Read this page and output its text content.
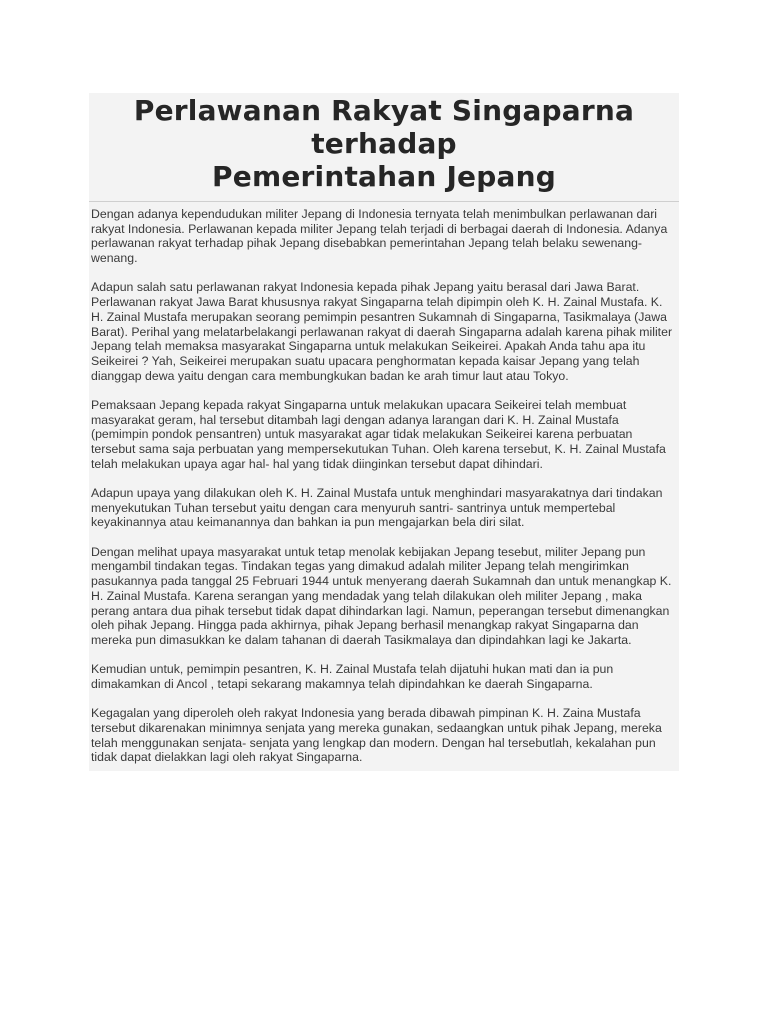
Perlawanan Rakyat Singaparna terhadap
Pemerintahan Jepang

Dengan adanya kependudukan militer Jepang di Indonesia ternyata telah menimbulkan perlawanan dari rakyat Indonesia. Perlawanan kepada militer Jepang telah terjadi di berbagai daerah di Indonesia. Adanya perlawanan rakyat terhadap pihak Jepang disebabkan pemerintahan Jepang telah belaku sewenang- wenang.

Adapun salah satu perlawanan rakyat Indonesia kepada pihak Jepang yaitu berasal dari Jawa Barat. Perlawanan rakyat Jawa Barat khususnya rakyat Singaparna telah dipimpin oleh K. H. Zainal Mustafa. K. H. Zainal Mustafa merupakan seorang pemimpin pesantren Sukamnah di Singaparna, Tasikmalaya (Jawa Barat). Perihal yang melatarbelakangi perlawanan rakyat di daerah Singaparna adalah karena pihak militer Jepang telah memaksa masyarakat Singaparna untuk melakukan Seikeirei. Apakah Anda tahu apa itu Seikeirei ? Yah, Seikeirei merupakan suatu upacara penghormatan kepada kaisar Jepang yang telah dianggap dewa yaitu dengan cara membungkukan badan ke arah timur laut atau Tokyo.

Pemaksaan Jepang kepada rakyat Singaparna untuk melakukan upacara Seikeirei telah membuat masyarakat geram, hal tersebut ditambah lagi dengan adanya larangan dari K. H. Zainal Mustafa (pemimpin pondok pensantren) untuk masyarakat agar tidak melakukan Seikeirei karena perbuatan tersebut sama saja perbuatan yang mempersekutukan Tuhan. Oleh karena tersebut, K. H. Zainal Mustafa telah melakukan upaya agar hal- hal yang tidak diinginkan tersebut dapat dihindari.

Adapun upaya yang dilakukan oleh K. H. Zainal Mustafa untuk menghindari masyarakatnya dari tindakan menyekutukan Tuhan tersebut yaitu dengan cara menyuruh santri- santrinya untuk mempertebal keyakinannya atau keimanannya dan bahkan ia pun mengajarkan bela diri silat.

Dengan melihat upaya masyarakat untuk tetap menolak kebijakan Jepang tesebut, militer Jepang pun mengambil tindakan tegas. Tindakan tegas yang dimakud adalah militer Jepang telah mengirimkan pasukannya pada tanggal 25 Februari 1944 untuk menyerang daerah Sukamnah dan untuk menangkap K. H. Zainal Mustafa. Karena serangan yang mendadak yang telah dilakukan oleh militer Jepang , maka perang antara dua pihak tersebut tidak dapat dihindarkan lagi. Namun, peperangan tersebut dimenangkan oleh pihak Jepang. Hingga pada akhirnya, pihak Jepang berhasil menangkap rakyat Singaparna dan mereka pun dimasukkan ke dalam tahanan di daerah Tasikmalaya dan dipindahkan lagi ke Jakarta.

Kemudian untuk, pemimpin pesantren, K. H. Zainal Mustafa telah dijatuhi hukan mati dan ia pun dimakamkan di Ancol , tetapi sekarang makamnya telah dipindahkan ke daerah Singaparna.

Kegagalan yang diperoleh oleh rakyat Indonesia yang berada dibawah pimpinan K. H. Zaina Mustafa tersebut dikarenakan minimnya senjata yang mereka gunakan, sedaangkan untuk pihak Jepang, mereka telah menggunakan senjata- senjata yang lengkap dan modern. Dengan hal tersebutlah, kekalahan pun tidak dapat dielakkan lagi oleh rakyat Singaparna.
